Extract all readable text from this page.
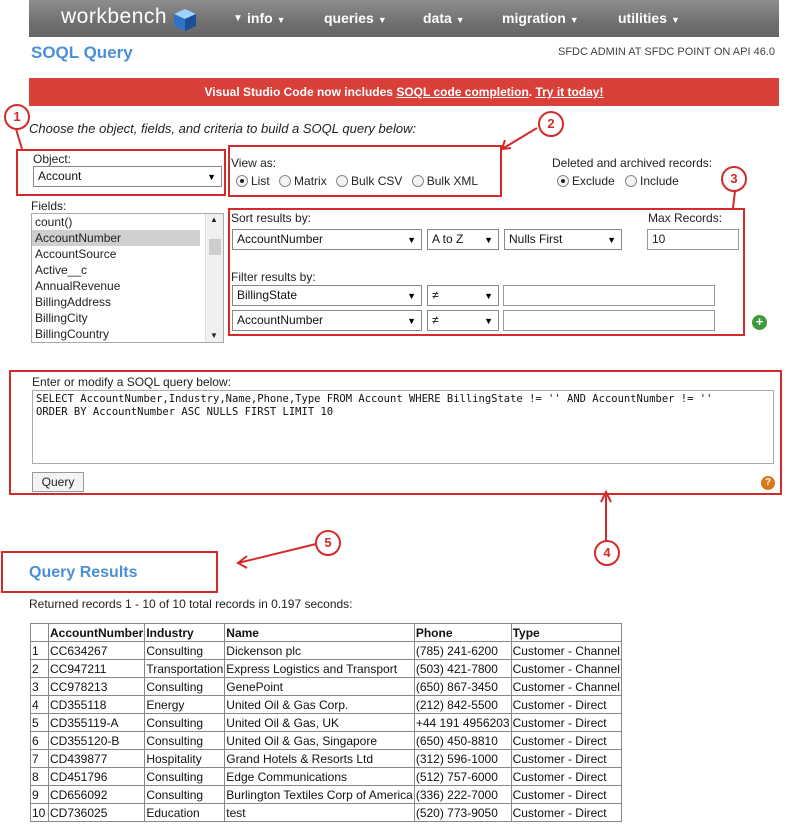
workbench	▼ info ▼	queries ▼	data ▼	migration ▼	utilities ▼
SOQL Query	SFDC ADMIN AT SFDC POINT ON API 46.0
Visual Studio Code now includes SOQL code completion. Try it today!
Choose the object, fields, and criteria to build a SOQL query below:
Object:
Account	▼
View as:
List Matrix Bulk CSV Bulk XML
Deleted and archived records:
Exclude Include
Fields:
count()
AccountNumber
AccountSource
Active__c
AnnualRevenue
BillingAddress
BillingCity
BillingCountry
▲
▼
Sort results by:
AccountNumber	▼	A to Z ▼	Nulls First	▼
Max Records:
10
Filter results by:
BillingState	▼	≠	▼
AccountNumber	▼	≠	▼	+
Enter or modify a SOQL query below:
SELECT AccountNumber,Industry,Name,Phone,Type FROM Account WHERE BillingState != '' AND AccountNumber != ''
ORDER BY AccountNumber ASC NULLS FIRST LIMIT 10
Query	?
Query Results
Returned records 1 - 10 of 10 total records in 0.197 seconds:
	AccountNumber	Industry	Name	Phone	Type
1	CC634267	Consulting	Dickenson plc	(785) 241-6200	Customer - Channel
2	CC947211	Transportation	Express Logistics and Transport	(503) 421-7800	Customer - Channel
3	CC978213	Consulting	GenePoint	(650) 867-3450	Customer - Channel
4	CD355118	Energy	United Oil & Gas Corp.	(212) 842-5500	Customer - Direct
5	CD355119-A	Consulting	United Oil & Gas, UK	+44 191 4956203	Customer - Direct
6	CD355120-B	Consulting	United Oil & Gas, Singapore	(650) 450-8810	Customer - Direct
7	CD439877	Hospitality	Grand Hotels & Resorts Ltd	(312) 596-1000	Customer - Direct
8	CD451796	Consulting	Edge Communications	(512) 757-6000	Customer - Direct
9	CD656092	Consulting	Burlington Textiles Corp of America	(336) 222-7000	Customer - Direct
10	CD736025	Education	test	(520) 773-9050	Customer - Direct
1	2
3
4
5
